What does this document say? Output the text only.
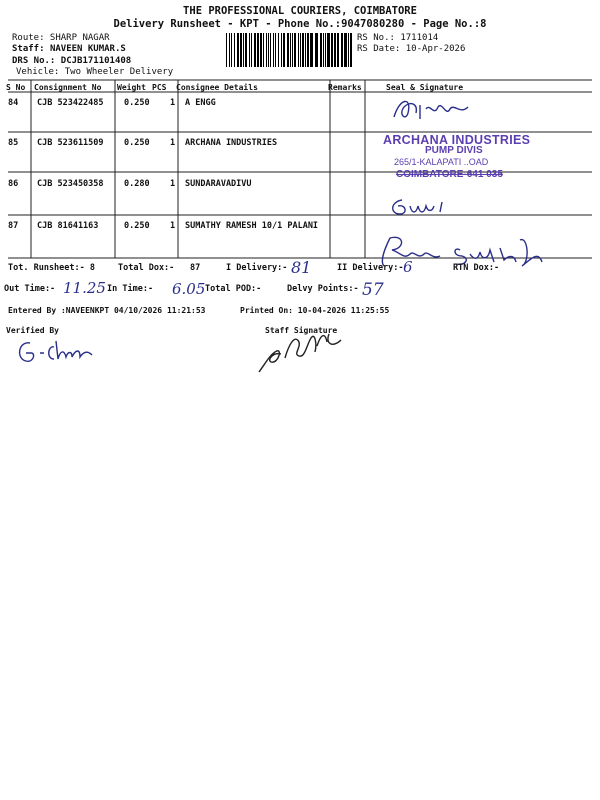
THE PROFESSIONAL COURIERS, COIMBATORE
Delivery Runsheet - KPT - Phone No.:9047080280 - Page No.:8
Route: SHARP NAGAR
Staff: NAVEEN KUMAR.S
DRS No.: DCJB171101408
Vehicle: Two Wheeler Delivery
RS No.: 1711014
RS Date: 10-Apr-2026
S No Consignment No Weight PCS Consignee Details	Remarks	Seal & Signature
84 CJB 523422485 0.250 1 A ENGG
85 CJB 523611509 0.250 1 ARCHANA INDUSTRIES
86 CJB 523450358 0.280 1 SUNDARAVADIVU
87 CJB 81641163	0.250 1 SUMATHY RAMESH 10/1 PALANI
ARCHANA INDUSTRIES
PUMP DIVIS
265/1-KALAPATI ..OAD
COIMBATORE-641 035
Tot. Runsheet:- 8	Total Dox:- 87	I Delivery:- 81	II Delivery:- 6	RTN Dox:-
Out Time:- 11.25 In Time:- 6.05 Total POD:-	Delvy Points:- 57
Entered By :NAVEENKPT 04/10/2026 11:21:53	Printed On: 10-04-2026 11:25:55
Verified By	Staff Signature
